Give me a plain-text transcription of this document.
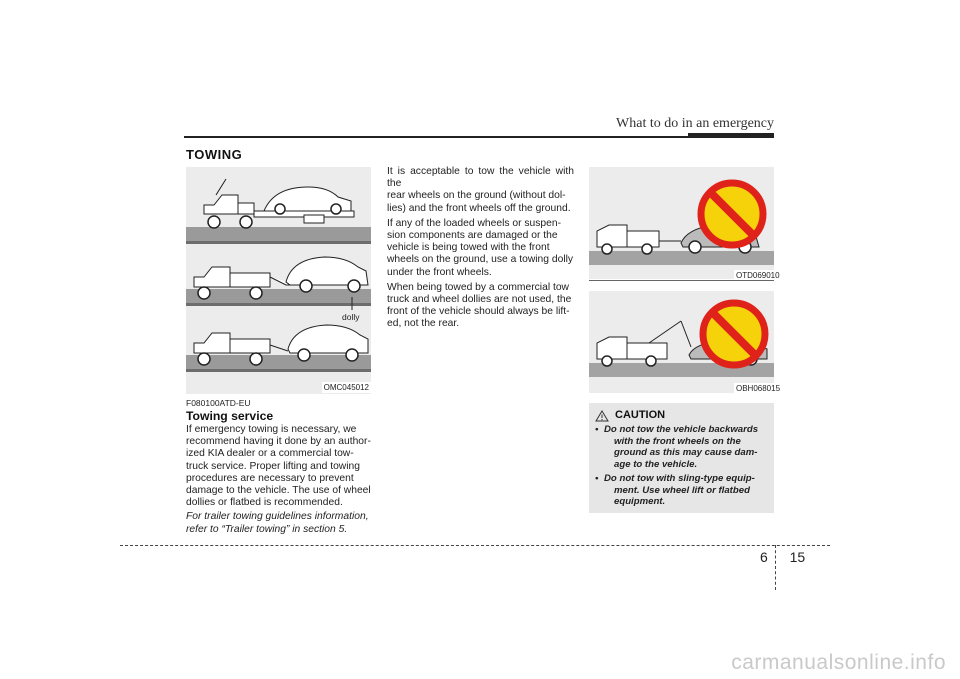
What to do in an emergency
TOWING
dolly
OMC045012
F080100ATD-EU
Towing service
If emergency towing is necessary, we
recommend having it done by an author-
ized KIA dealer or a commercial tow-
truck service. Proper lifting and towing
procedures are necessary to prevent
damage to the vehicle. The use of wheel
dollies or flatbed is recommended.
For trailer towing guidelines information,
refer to “Trailer towing” in section 5.
It is acceptable to tow the vehicle with the
rear wheels on the ground (without dol-
lies) and the front wheels off the ground.
If any of the loaded wheels or suspen-
sion components are damaged or the
vehicle is being towed with the front
wheels on the ground, use a towing dolly
under the front wheels.
When being towed by a commercial tow
truck and wheel dollies are not used, the
front of the vehicle should always be lift-
ed, not the rear.
OTD069010
OBH068015
CAUTION
• Do not tow the vehicle backwards
with the front wheels on the
ground as this may cause dam-
age to the vehicle.
• Do not tow with sling-type equip-
ment. Use wheel lift or flatbed
equipment.
6 15
carmanualsonline.info
